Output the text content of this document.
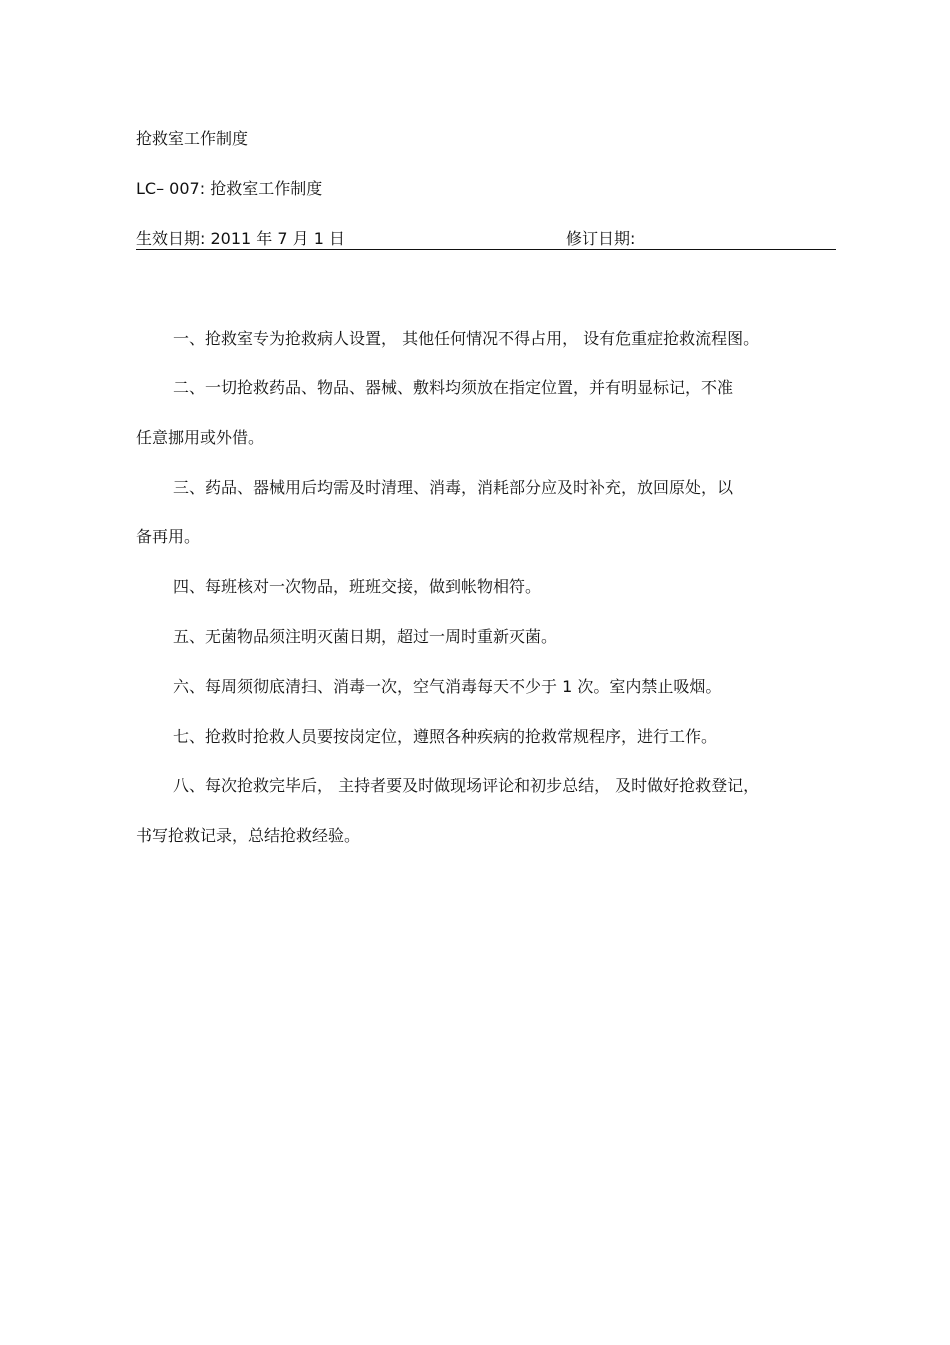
抢救室工作制度
LC– 007: 抢救室工作制度
生效日期: 2011 年 7 月 1 日	修订日期:
一、抢救室专为抢救病人设置， 其他任何情况不得占用， 设有危重症抢救流程图。
二、一切抢救药品、物品、器械、敷料均须放在指定位置，并有明显标记，不准
任意挪用或外借。
三、药品、器械用后均需及时清理、消毒，消耗部分应及时补充，放回原处，以
备再用。
四、每班核对一次物品，班班交接，做到帐物相符。
五、无菌物品须注明灭菌日期，超过一周时重新灭菌。
六、每周须彻底清扫、消毒一次，空气消毒每天不少于 1 次。室内禁止吸烟。
七、抢救时抢救人员要按岗定位，遵照各种疾病的抢救常规程序，进行工作。
八、每次抢救完毕后， 主持者要及时做现场评论和初步总结， 及时做好抢救登记，
书写抢救记录，总结抢救经验。
